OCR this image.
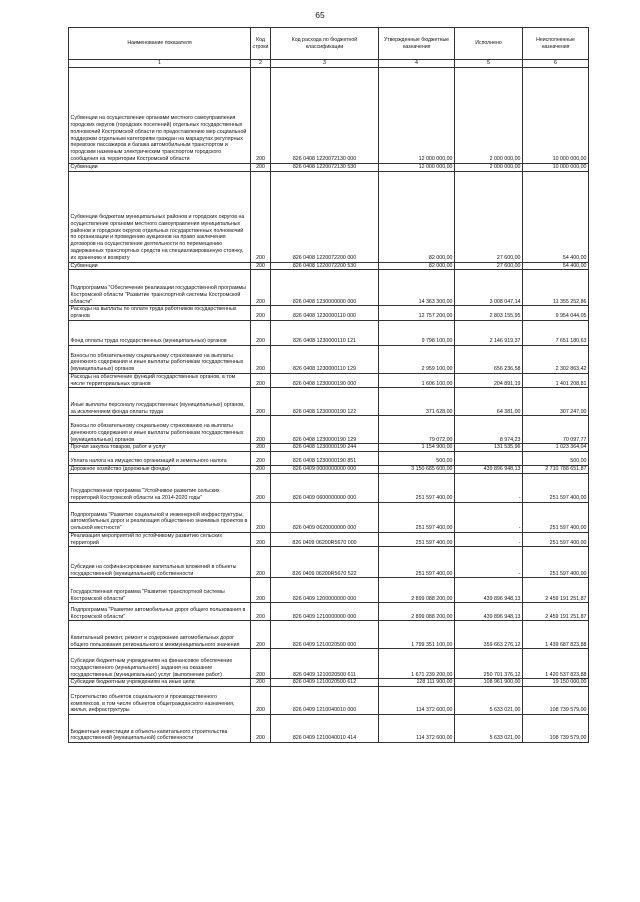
65
Наименование показателя	Код строки	Код расхода по бюджетной классификации	Утвержденные бюджетные назначения	Исполнено	Неисполненные назначения
1	2	3	4	5	6
Субвенции на осуществление органами местного самоуправления городских округов (городских поселений) отдельных государственных полномочий Костромской области по предоставлению мер социальной поддержки отдельным категориям граждан на маршрутах регулярных перевозок пассажиров и багажа автомобильным транспортом и городским наземным электрическим транспортом городского сообщения на территории Костромской области	200	826 0408 1220072130 000	12 000 000,00	2 000 000,00	10 000 000,00
Субвенции	200	826 0408 1220072130 530	12 000 000,00	2 000 000,00	10 000 000,00
Субвенции бюджетам муниципальных районов и городских округов на осуществление органами местного самоуправления муниципальных районов и городских округов отдельных государственных полномочий по организации и проведению аукционов на право заключения договоров на осуществление деятельности по перемещению задержанных транспортных средств на специализированную стоянку, их хранению и возврату	200	826 0408 1220072200 000	82 000,00	27 600,00	54 400,00
Субвенции	200	826 0408 1220072200 530	82 000,00	27 600,00	54 400,00
Подпрограмма "Обеспечение реализации государственной программы Костромской области "Развитие транспортной системы Костромской области"	200	826 0408 1230000000 000	14 363 300,00	3 008 047,14	11 355 252,86
Расходы на выплаты по оплате труда работников государственных органов	200	826 0408 1230000110 000	12 757 200,00	2 803 155,95	9 954 044,05
Фонд оплаты труда государственных (муниципальных) органов	200	826 0408 1230000110 121	9 798 100,00	2 146 919,37	7 651 180,63
Взносы по обязательному социальному страхованию на выплаты денежного содержания и иные выплаты работникам государственных (муниципальных) органов	200	826 0408 1230000110 129	2 959 100,00	656 236,58	2 302 863,42
Расходы на обеспечение функций государственных органов, в том числе территориальных органов	200	826 0408 1230000190 000	1 606 100,00	204 891,19	1 401 208,81
Иные выплаты персоналу государственных (муниципальных) органов, за исключением фонда оплаты труда	200	826 0408 1230000190 122	371 628,00	64 381,00	307 247,00
Взносы по обязательному социальному страхованию на выплаты денежного содержания и иные выплаты работникам государственных (муниципальных) органов	200	826 0408 1230000190 129	79 072,00	8 974,23	70 097,77
Прочая закупка товаров, работ и услуг	200	826 0408 1230000190 244	1 154 900,00	131 535,96	1 023 364,04
Уплата налога на имущество организаций и земельного налога	200	826 0408 1230000190 851	500,00		500,00
Дорожное хозяйство (дорожные фонды)	200	826 0409 0000000000 000	3 150 685 600,00	439 896 948,13	2 710 788 651,87
Государственная программа "Устойчивое развитие сельских территорий Костромской области на 2014-2020 годы"	200	826 0409 0600000000 000	251 597 400,00	-	251 597 400,00
Подпрограмма "Развитие социальной и инженерной инфраструктуры, автомобильных дорог и реализация общественно значимых проектов в сельской местности"	200	826 0409 0620000000 000	251 597 400,00	-	251 597 400,00
Реализация мероприятий по устойчивому развитию сельских территорий	200	826 0409 06200R5670 000	251 597 400,00	-	251 597 400,00
Субсидии на софинансирование капитальных вложений в объекты государственной (муниципальной) собственности	200	826 0409 06200R5670 522	251 597 400,00	-	251 597 400,00
Государственная программа "Развитие транспортной системы Костромской области"	200	826 0409 1200000000 000	2 899 088 200,00	439 896 948,13	2 459 191 251,87
Подпрограмма "Развитие автомобильных дорог общего пользования в Костромской области"	200	826 0409 1210000000 000	2 899 088 200,00	439 896 948,13	2 459 191 251,87
Капитальный ремонт, ремонт и содержание автомобильных дорог общего пользования регионального и межмуниципального значения	200	826 0409 1210020500 000	1 799 351 100,00	359 663 276,12	1 439 687 823,88
Субсидии бюджетным учреждениям на финансовое обеспечение государственного (муниципального) задания на оказание государственных (муниципальных) услуг (выполнение работ)	200	826 0409 1210020500 611	1 671 239 200,00	250 701 376,12	1 420 537 823,88
Субсидии бюджетным учреждениям на иные цели	200	826 0409 1210020500 612	128 111 900,00	108 961 900,00	19 150 000,00
Строительство объектов социального и производственного комплексов, в том числе объектов общегражданского назначения, жилья, инфраструктуры	200	826 0409 1210040010 000	114 372 600,00	5 633 021,00	108 739 579,00
Бюджетные инвестиции в объекты капитального строительства государственной (муниципальной) собственности	200	826 0409 1210040010 414	114 372 600,00	5 633 021,00	108 739 579,00
